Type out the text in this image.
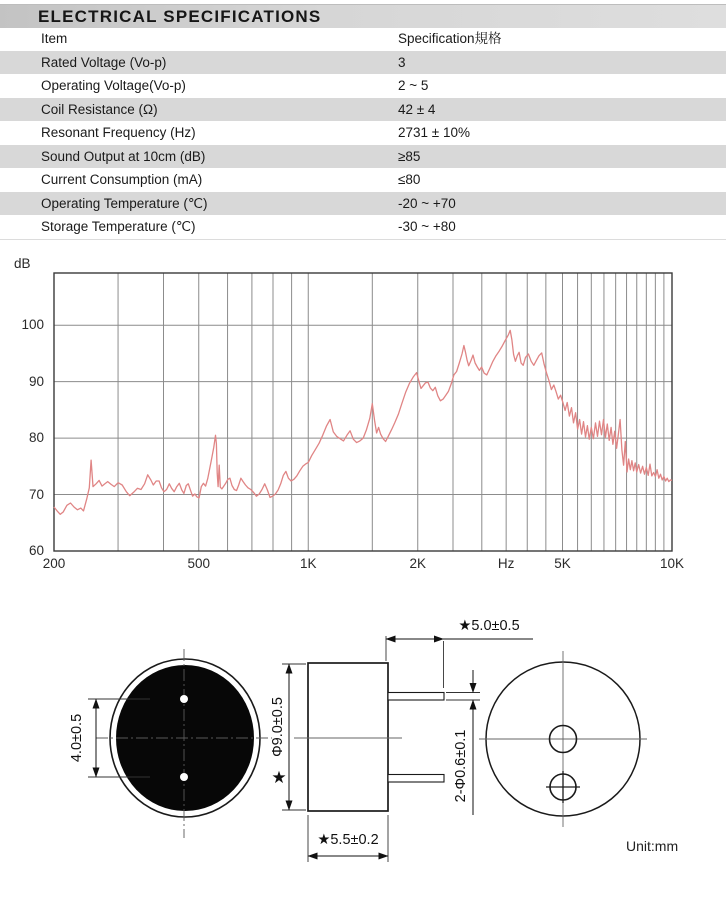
ELECTRICAL SPECIFICATIONS
Item	Specification規格
Rated Voltage (Vo-p)	3
Operating Voltage(Vo-p)	2 ~ 5
Coil Resistance (Ω)	42 ± 4
Resonant Frequency (Hz)	2731 ± 10%
Sound Output at 10cm (dB)	≥85
Current Consumption (mA)	≤80
Operating Temperature (℃)	-20 ~ +70
Storage Temperature (℃)	-30 ~ +80
dB
100
90
80
70
60
200	500	1K	2K	Hz	5K	10K
4.0±0.5	Φ9.0±0.5
★
★5.0±0.5
2-Φ0.6±0.1
★5.5±0.2	Unit:mm
